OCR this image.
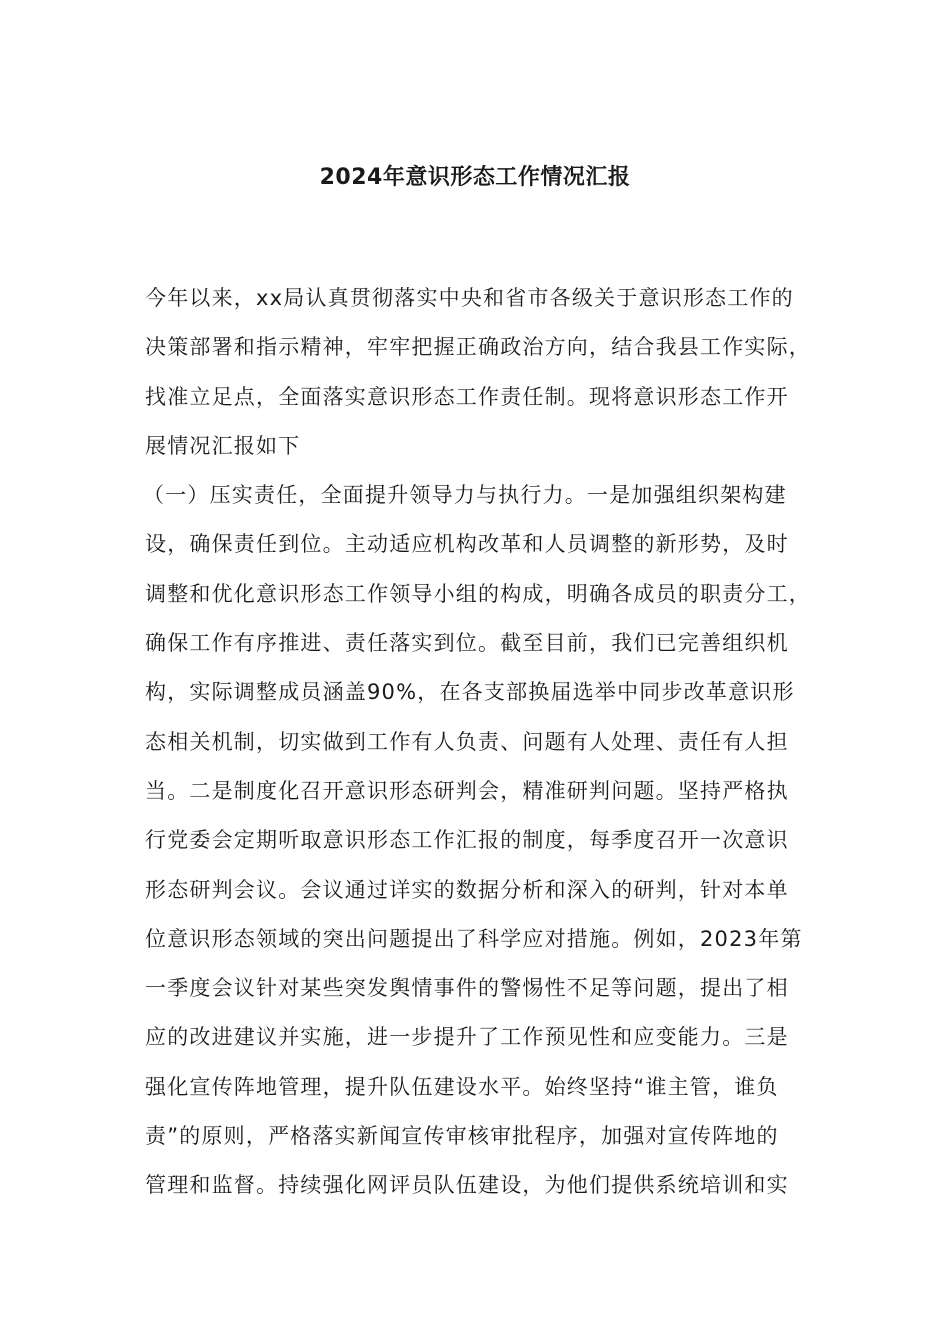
2024年意识形态工作情况汇报
今年以来，xx局认真贯彻落实中央和省市各级关于意识形态工作的
决策部署和指示精神，牢牢把握正确政治方向，结合我县工作实际，
找准立足点，全面落实意识形态工作责任制。现将意识形态工作开
展情况汇报如下
（一）压实责任，全面提升领导力与执行力。一是加强组织架构建
设，确保责任到位。主动适应机构改革和人员调整的新形势，及时
调整和优化意识形态工作领导小组的构成，明确各成员的职责分工，
确保工作有序推进、责任落实到位。截至目前，我们已完善组织机
构，实际调整成员涵盖90%，在各支部换届选举中同步改革意识形
态相关机制，切实做到工作有人负责、问题有人处理、责任有人担
当。二是制度化召开意识形态研判会，精准研判问题。坚持严格执
行党委会定期听取意识形态工作汇报的制度，每季度召开一次意识
形态研判会议。会议通过详实的数据分析和深入的研判，针对本单
位意识形态领域的突出问题提出了科学应对措施。例如，2023年第
一季度会议针对某些突发舆情事件的警惕性不足等问题，提出了相
应的改进建议并实施，进一步提升了工作预见性和应变能力。三是
强化宣传阵地管理，提升队伍建设水平。始终坚持“谁主管，谁负
责”的原则，严格落实新闻宣传审核审批程序，加强对宣传阵地的
管理和监督。持续强化网评员队伍建设，为他们提供系统培训和实
